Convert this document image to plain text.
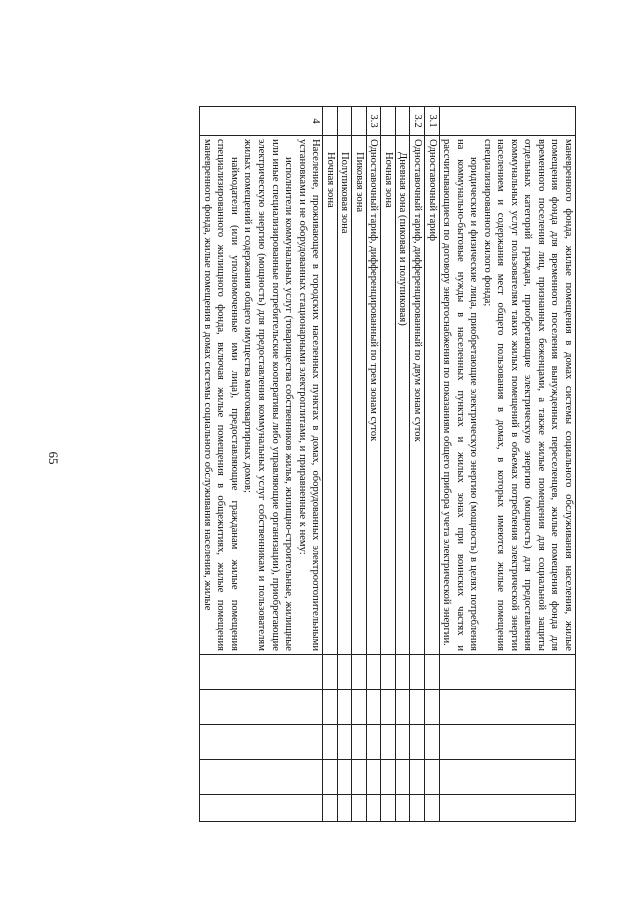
65

	маневренного фонда, жилые помещения в домах системы социального обслуживания населения, жилые помещения фонда для временного поселения вынужденных переселенцев, жилые помещения фонда для временного поселения лиц, признанных беженцами, а также жилые помещения для социальной защиты отдельных категорий граждан, приобретающие электрическую энергию (мощность) для предоставления коммунальных услуг пользователям таких жилых помещений в объемах потребления электрической энергии населением и содержания мест общего пользования в домах, в которых имеются жилые помещения специализированного жилого фонда;

юридические и физические лица, приобретающие электрическую энергию (мощность) в целях потребления на коммунально-бытовые нужды в населенных пунктах и жилых зонах при воинских частях и рассчитывающиеся по договору энергоснабжения по показаниям общего прибора учета электрической энергии.					

3.1	Одноставочный тариф					
3.2	Одноставочный тариф, дифференцированный по двум зонам суток					
	Дневная зона (пиковая и полупиковая)					
	Ночная зона					
3.3	Одноставочный тариф, дифференцированный по трем зонам суток					
	Пиковая зона					
	Полупиковая зона					
	Ночная зона					
4	Население, проживающее в городских населенных пунктах в домах, оборудованных электроотопительными установками и не оборудованных стационарными электроплитами, и приравненные к нему:

исполнители коммунальных услуг (товарищества собственников жилья, жилищно-строительные, жилищные или иные специализированные потребительские кооперативы либо управляющие организации), приобретающие электрическую энергию (мощность) для предоставления коммунальных услуг собственникам и пользователям жилых помещений и содержания общего имущества многоквартирных домов;

наймодатели (или уполномоченные ими лица), предоставляющие гражданам жилые помещения специализированного жилищного фонда, включая жилые помещения в общежитиях, жилые помещения маневренного фонда, жилые помещения в домах системы социального обслуживания населения, жилые					
